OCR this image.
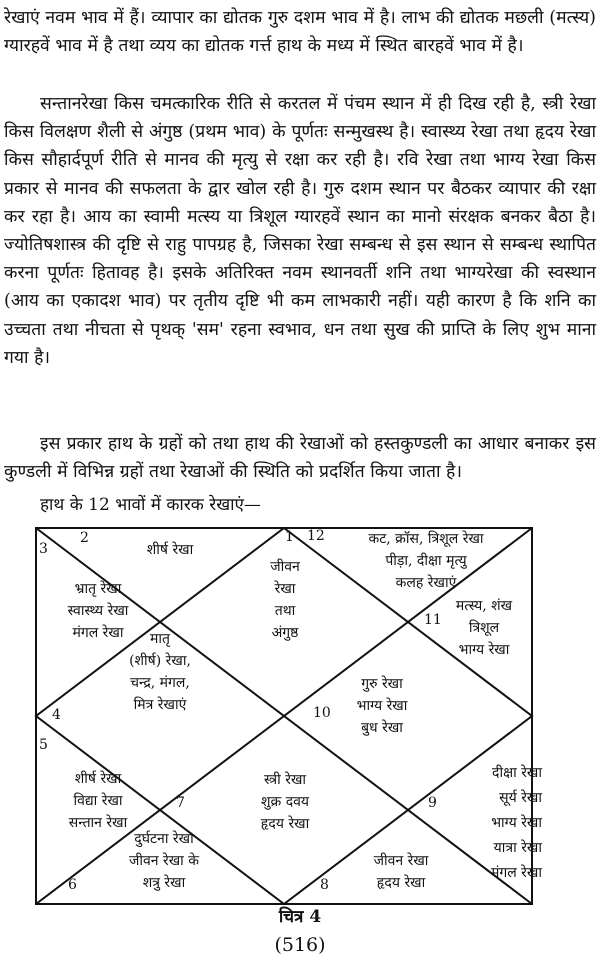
रेखाएं नवम भाव में हैं। व्यापार का द्योतक गुरु दशम भाव में है। लाभ की द्योतक मछली (मत्स्य) ग्यारहवें भाव में है तथा व्यय का द्योतक गर्त्त हाथ के मध्य में स्थित बारहवें भाव में है।

सन्तानरेखा किस चमत्कारिक रीति से करतल में पंचम स्थान में ही दिख रही है, स्त्री रेखा किस विलक्षण शैली से अंगुष्ठ (प्रथम भाव) के पूर्णतः सन्मुखस्थ है। स्वास्थ्य रेखा तथा हृदय रेखा किस सौहार्दपूर्ण रीति से मानव की मृत्यु से रक्षा कर रही है। रवि रेखा तथा भाग्य रेखा किस प्रकार से मानव की सफलता के द्वार खोल रही है। गुरु दशम स्थान पर बैठकर व्यापार की रक्षा कर रहा है। आय का स्वामी मत्स्य या त्रिशूल ग्यारहवें स्थान का मानो संरक्षक बनकर बैठा है। ज्योतिषशास्त्र की दृष्टि से राहु पापग्रह है, जिसका रेखा सम्बन्ध से इस स्थान से सम्बन्ध स्थापित करना पूर्णतः हितावह है। इसके अतिरिक्त नवम स्थानवर्ती शनि तथा भाग्यरेखा की स्वस्थान (आय का एकादश भाव) पर तृतीय दृष्टि भी कम लाभकारी नहीं। यही कारण है कि शनि का उच्चता तथा नीचता से पृथक् 'सम' रहना स्वभाव, धन तथा सुख की प्राप्ति के लिए शुभ माना गया है।

इस प्रकार हाथ के ग्रहों को तथा हाथ की रेखाओं को हस्तकुण्डली का आधार बनाकर इस कुण्डली में विभिन्न ग्रहों तथा रेखाओं की स्थिति को प्रदर्शित किया जाता है।

हाथ के 12 भावों में कारक रेखाएं—
1
2
3
4
5
6
7
8
9
10
11
12
जीवन
रेखा
तथा
अंगुष्ठ
शीर्ष रेखा
भ्रातृ रेखा
स्वास्थ्य रेखा
मंगल रेखा	मातृ
(शीर्ष) रेखा,
चन्द्र, मंगल,
मित्र रेखाएं
शीर्ष रेखा
विद्या रेखा
सन्तान रेखा
दुर्घटना रेखा
जीवन रेखा के
शत्रु रेखा
स्त्री रेखा
शुक्र दवय
हृदय रेखा
जीवन रेखा
हृदय रेखा
दीक्षा रेखा
सूर्य रेखा
भाग्य रेखा
यात्रा रेखा
मंगल रेखा
गुरु रेखा
भाग्य रेखा
बुध रेखा
मत्स्य, शंख
त्रिशूल
भाग्य रेखा
कट, क्रॉस, त्रिशूल रेखा
पीड़ा, दीक्षा मृत्यु
कलह रेखाएं
चित्र 4
(516)
